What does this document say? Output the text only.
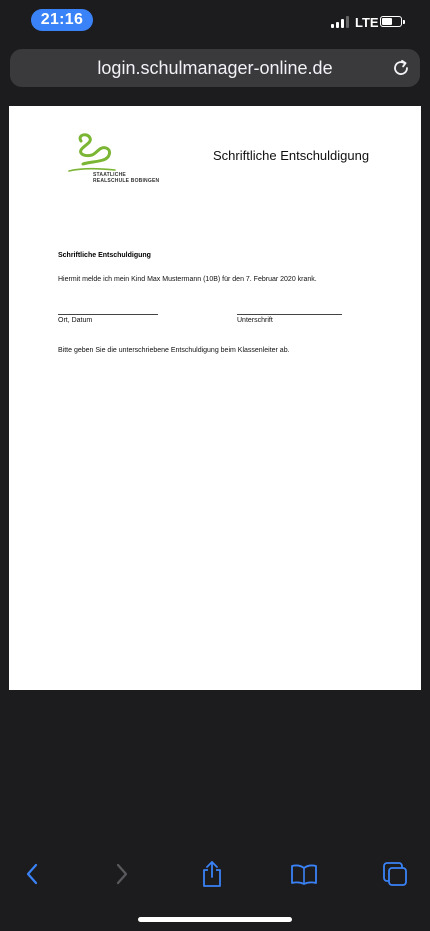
21:16	LTE
login.schulmanager-online.de
STAATLICHE
REALSCHULE BOBINGEN
Schriftliche Entschuldigung
Schriftliche Entschuldigung
Hiermit melde ich mein Kind Max Mustermann (10B) für den 7. Februar 2020 krank.
Ort, Datum	Unterschrift
Bitte geben Sie die unterschriebene Entschuldigung beim Klassenleiter ab.
